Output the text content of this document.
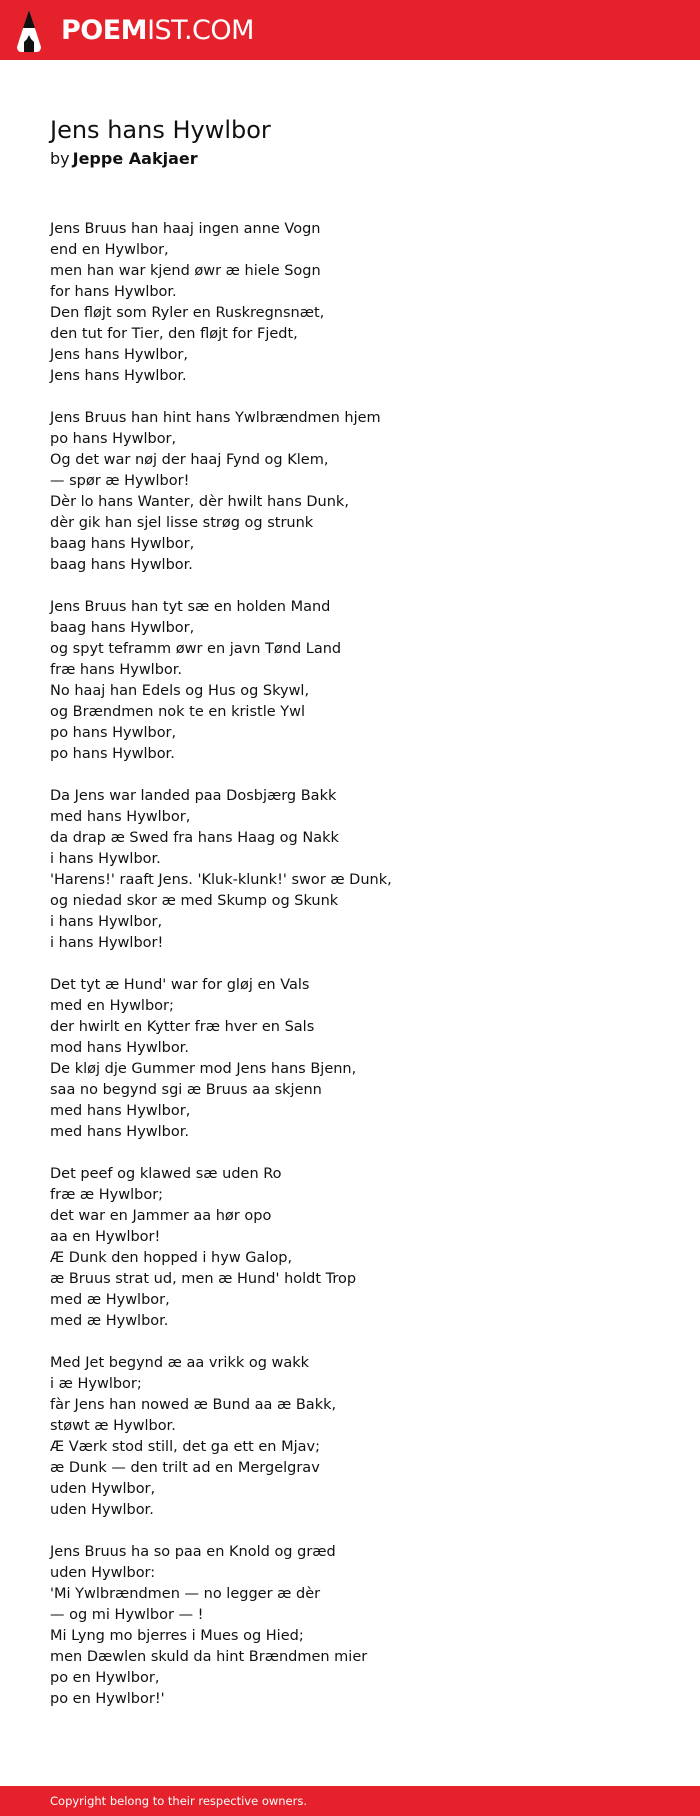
POEMIST.COM
Jens hans Hywlbor
by Jeppe Aakjaer
Jens Bruus han haaj ingen anne Vogn
end en Hywlbor,
men han war kjend øwr æ hiele Sogn
for hans Hywlbor.
Den fløjt som Ryler en Ruskregnsnæt,
den tut for Tier, den fløjt for Fjedt,
Jens hans Hywlbor,
Jens hans Hywlbor.
Jens Bruus han hint hans Ywlbrændmen hjem
po hans Hywlbor,
Og det war nøj der haaj Fynd og Klem,
— spør æ Hywlbor!
Dèr lo hans Wanter, dèr hwilt hans Dunk,
dèr gik han sjel lisse strøg og strunk
baag hans Hywlbor,
baag hans Hywlbor.
Jens Bruus han tyt sæ en holden Mand
baag hans Hywlbor,
og spyt teframm øwr en javn Tønd Land
fræ hans Hywlbor.
No haaj han Edels og Hus og Skywl,
og Brændmen nok te en kristle Ywl
po hans Hywlbor,
po hans Hywlbor.
Da Jens war landed paa Dosbjærg Bakk
med hans Hywlbor,
da drap æ Swed fra hans Haag og Nakk
i hans Hywlbor.
'Harens!' raaft Jens. 'Kluk-klunk!' swor æ Dunk,
og niedad skor æ med Skump og Skunk
i hans Hywlbor,
i hans Hywlbor!
Det tyt æ Hund' war for gløj en Vals
med en Hywlbor;
der hwirlt en Kytter fræ hver en Sals
mod hans Hywlbor.
De kløj dje Gummer mod Jens hans Bjenn,
saa no begynd sgi æ Bruus aa skjenn
med hans Hywlbor,
med hans Hywlbor.
Det peef og klawed sæ uden Ro
fræ æ Hywlbor;
det war en Jammer aa hør opo
aa en Hywlbor!
Æ Dunk den hopped i hyw Galop,
æ Bruus strat ud, men æ Hund' holdt Trop
med æ Hywlbor,
med æ Hywlbor.
Med Jet begynd æ aa vrikk og wakk
i æ Hywlbor;
fàr Jens han nowed æ Bund aa æ Bakk,
støwt æ Hywlbor.
Æ Værk stod still, det ga ett en Mjav;
æ Dunk — den trilt ad en Mergelgrav
uden Hywlbor,
uden Hywlbor.
Jens Bruus ha so paa en Knold og græd
uden Hywlbor:
'Mi Ywlbrændmen — no legger æ dèr
— og mi Hywlbor — !
Mi Lyng mo bjerres i Mues og Hied;
men Dæwlen skuld da hint Brændmen mier
po en Hywlbor,
po en Hywlbor!'
Copyright belong to their respective owners.
